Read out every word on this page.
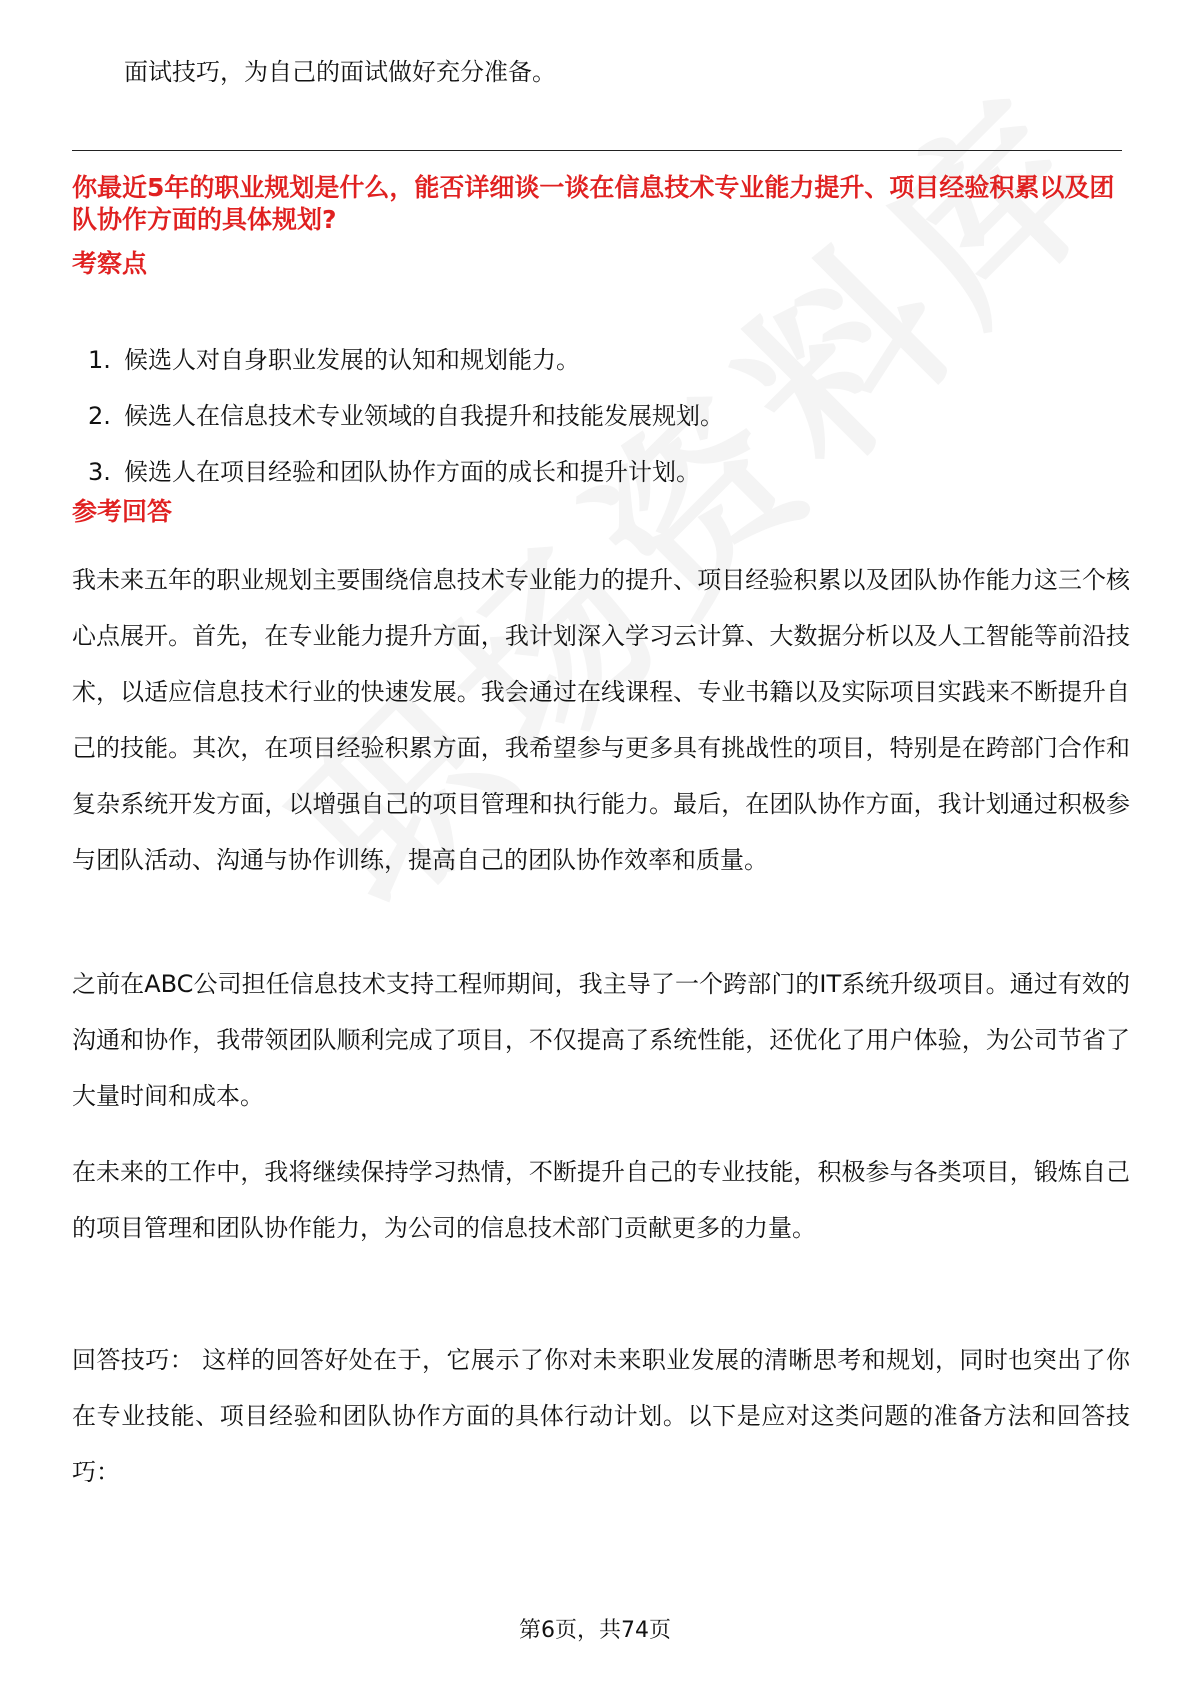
面试技巧，为自己的面试做好充分准备。
你最近5年的职业规划是什么，能否详细谈一谈在信息技术专业能力提升、项目经验积累以及团队协作方面的具体规划?
考察点
1. 候选人对自身职业发展的认知和规划能力。
2. 候选人在信息技术专业领域的自我提升和技能发展规划。
3. 候选人在项目经验和团队协作方面的成长和提升计划。
参考回答

我未来五年的职业规划主要围绕信息技术专业能力的提升、项目经验积累以及团队协作能力这三个核心点展开。首先，在专业能力提升方面，我计划深入学习云计算、大数据分析以及人工智能等前沿技术，以适应信息技术行业的快速发展。我会通过在线课程、专业书籍以及实际项目实践来不断提升自己的技能。其次，在项目经验积累方面，我希望参与更多具有挑战性的项目，特别是在跨部门合作和复杂系统开发方面，以增强自己的项目管理和执行能力。最后，在团队协作方面，我计划通过积极参与团队活动、沟通与协作训练，提高自己的团队协作效率和质量。

之前在ABC公司担任信息技术支持工程师期间，我主导了一个跨部门的IT系统升级项目。通过有效的沟通和协作，我带领团队顺利完成了项目，不仅提高了系统性能，还优化了用户体验，为公司节省了大量时间和成本。

在未来的工作中，我将继续保持学习热情，不断提升自己的专业技能，积极参与各类项目，锻炼自己的项目管理和团队协作能力，为公司的信息技术部门贡献更多的力量。

回答技巧： 这样的回答好处在于，它展示了你对未来职业发展的清晰思考和规划，同时也突出了你在专业技能、项目经验和团队协作方面的具体行动计划。以下是应对这类问题的准备方法和回答技巧：

第6页，共74页
